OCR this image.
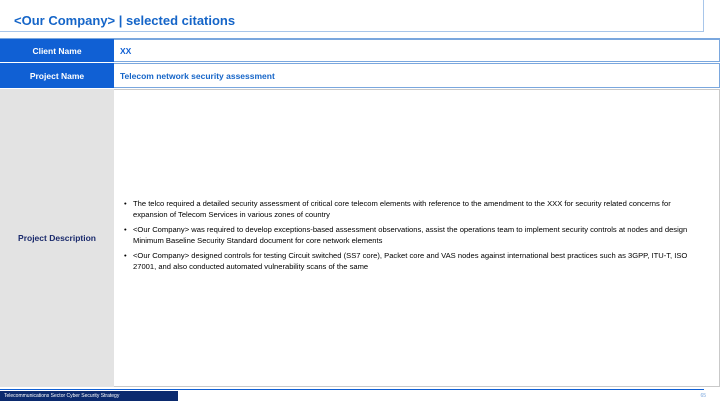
<Our Company> | selected citations
Client Name	XX
Project Name	Telecom network security assessment
Project Description
• The telco required a detailed security assessment of critical core telecom elements with reference to the amendment to the XXX for security related concerns for expansion of Telecom Services in various zones of country
• <Our Company> was required to develop exceptions-based assessment observations, assist the operations team to implement security controls at nodes and design Minimum Baseline Security Standard document for core network elements
• <Our Company> designed controls for testing Circuit switched (SS7 core), Packet core and VAS nodes against international best practices such as 3GPP, ITU-T, ISO 27001, and also conducted automated vulnerability scans of the same
Telecommunications Sector Cyber Security Strategy	65
